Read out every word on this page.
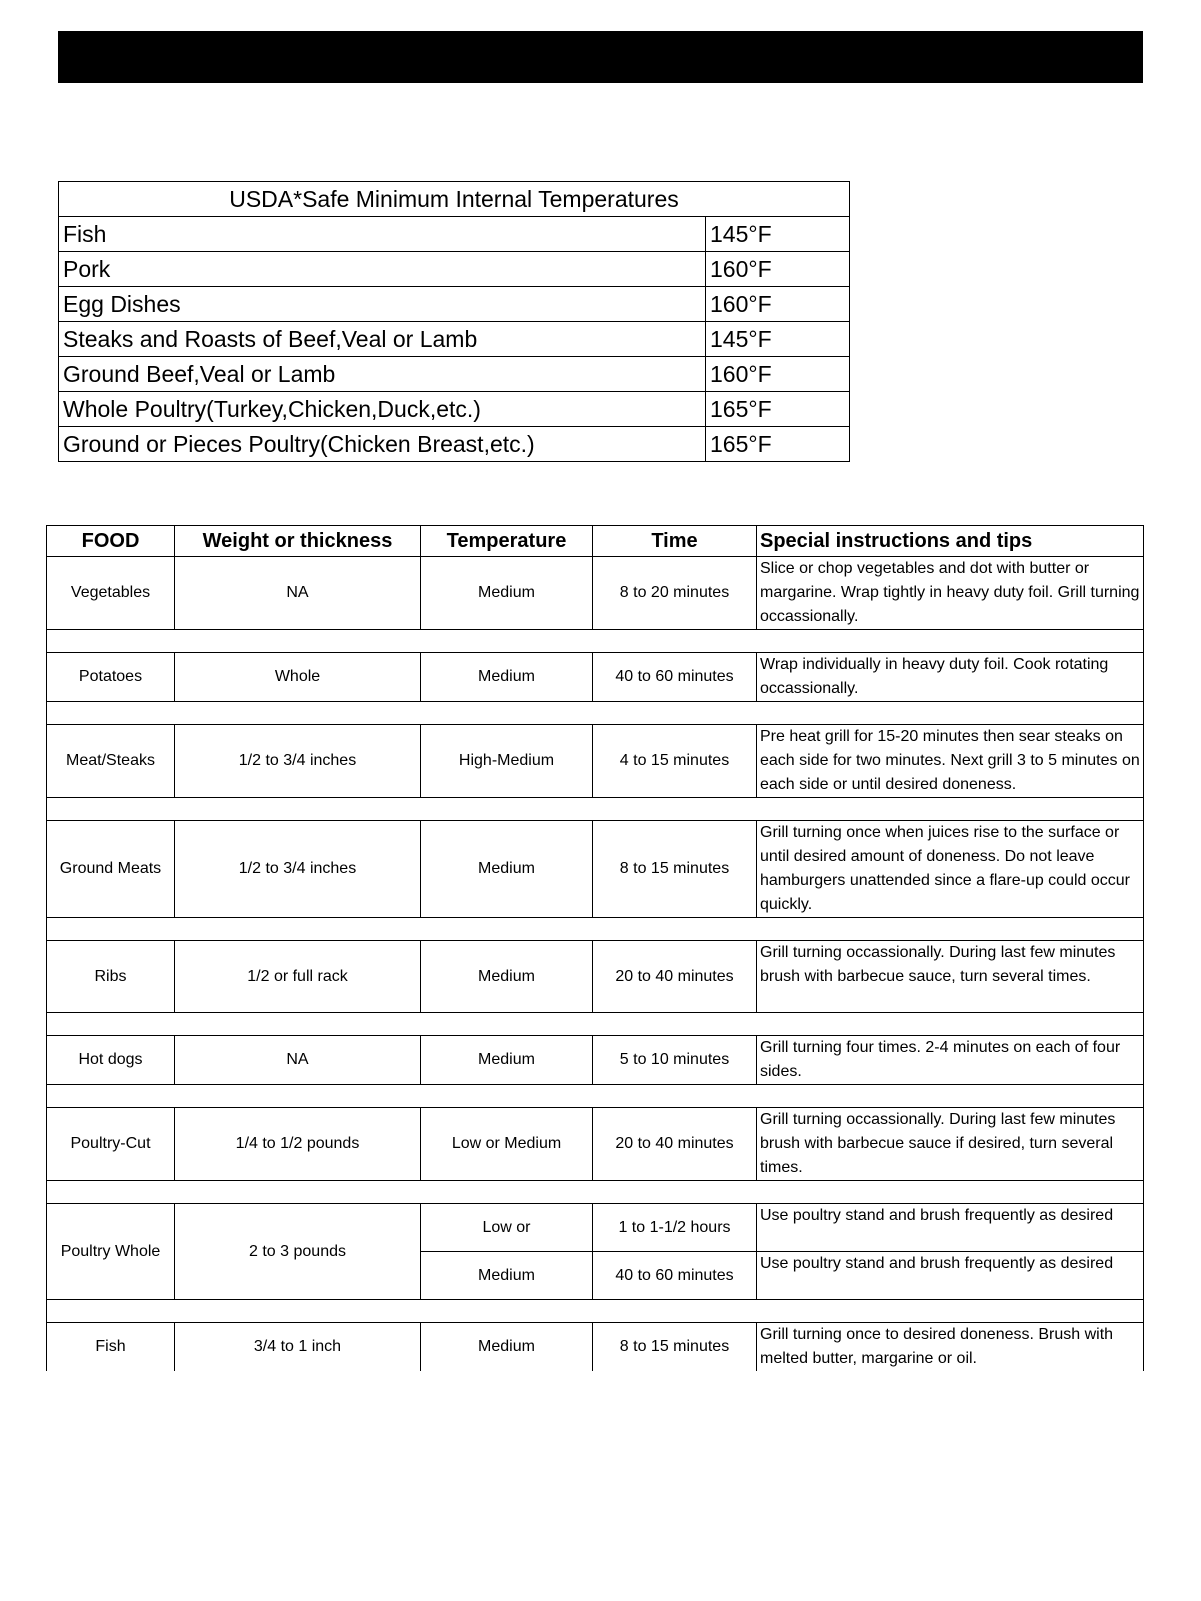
USDA*Safe Minimum Internal Temperatures	
Fish	145°F
Pork	160°F
Egg Dishes	160°F
Steaks and Roasts of Beef,Veal or Lamb	145°F
Ground Beef,Veal or Lamb	160°F
Whole Poultry(Turkey,Chicken,Duck,etc.)	165°F
Ground or Pieces Poultry(Chicken Breast,etc.)	165°F
FOOD	Weight or thickness	Temperature	Time	Special instructions and tips
Vegetables	NA	Medium	8 to 20 minutes	Slice or chop vegetables and dot with butter or margarine. Wrap tightly in heavy duty foil. Grill turning occassionally.

Potatoes	Whole	Medium	40 to 60 minutes	Wrap individually in heavy duty foil. Cook rotating occassionally.

Meat/Steaks	1/2 to 3/4 inches	High-Medium	4 to 15 minutes	Pre heat grill for 15-20 minutes then sear steaks on each side for two minutes. Next grill 3 to 5 minutes on each side or until desired doneness.

Ground Meats	1/2 to 3/4 inches	Medium	8 to 15 minutes	Grill turning once when juices rise to the surface or until desired amount of doneness. Do not leave hamburgers unattended since a flare-up could occur quickly.

Ribs	1/2 or full rack	Medium	20 to 40 minutes	Grill turning occassionally. During last few minutes brush with barbecue sauce, turn several times.

Hot dogs	NA	Medium	5 to 10 minutes	Grill turning four times. 2-4 minutes on each of four sides.

Poultry-Cut	1/4 to 1/2 pounds	Low or Medium	20 to 40 minutes	Grill turning occassionally. During last few minutes brush with barbecue sauce if desired, turn several times.

Poultry Whole	2 to 3 pounds	Low or	1 to 1-1/2 hours	Use poultry stand and brush frequently as desired
		Medium	40 to 60 minutes	Use poultry stand and brush frequently as desired

Fish	3/4 to 1 inch	Medium	8 to 15 minutes	Grill turning once to desired doneness. Brush with melted butter, margarine or oil.
